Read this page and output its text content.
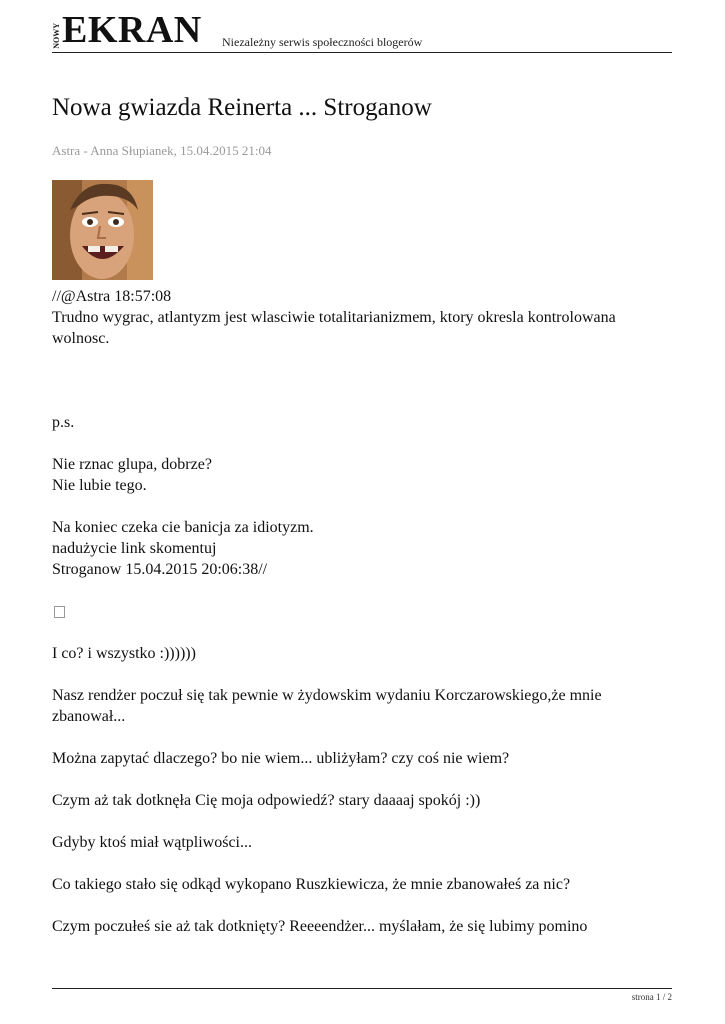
NOWY EKRAN Niezależny serwis społeczności blogerów
Nowa gwiazda Reinerta ... Stroganow
Astra - Anna Słupianek, 15.04.2015 21:04

//@Astra 18:57:08

Trudno wygrac, atlantyzm jest wlasciwie totalitarianizmem, ktory okresla kontrolowana wolnosc.

p.s.

Nie rznac glupa, dobrze?

Nie lubie tego.

Na koniec czeka cie banicja za idiotyzm.

nadużycie link skomentuj

Stroganow 15.04.2015 20:06:38//

I co? i wszystko :))))))

Nasz rendżer poczuł się tak pewnie w żydowskim wydaniu Korczarowskiego,że mnie zbanował...

Można zapytać dlaczego? bo nie wiem... ubliżyłam? czy coś nie wiem?

Czym aż tak dotknęła Cię moja odpowiedź? stary daaaaj spokój :))

Gdyby ktoś miał wątpliwości...

Co takiego stało się odkąd wykopano Ruszkiewicza, że mnie zbanowałeś za nic?

Czym poczułeś sie aż tak dotknięty? Reeeendżer... myślałam, że się lubimy pomino

strona 1 / 2
